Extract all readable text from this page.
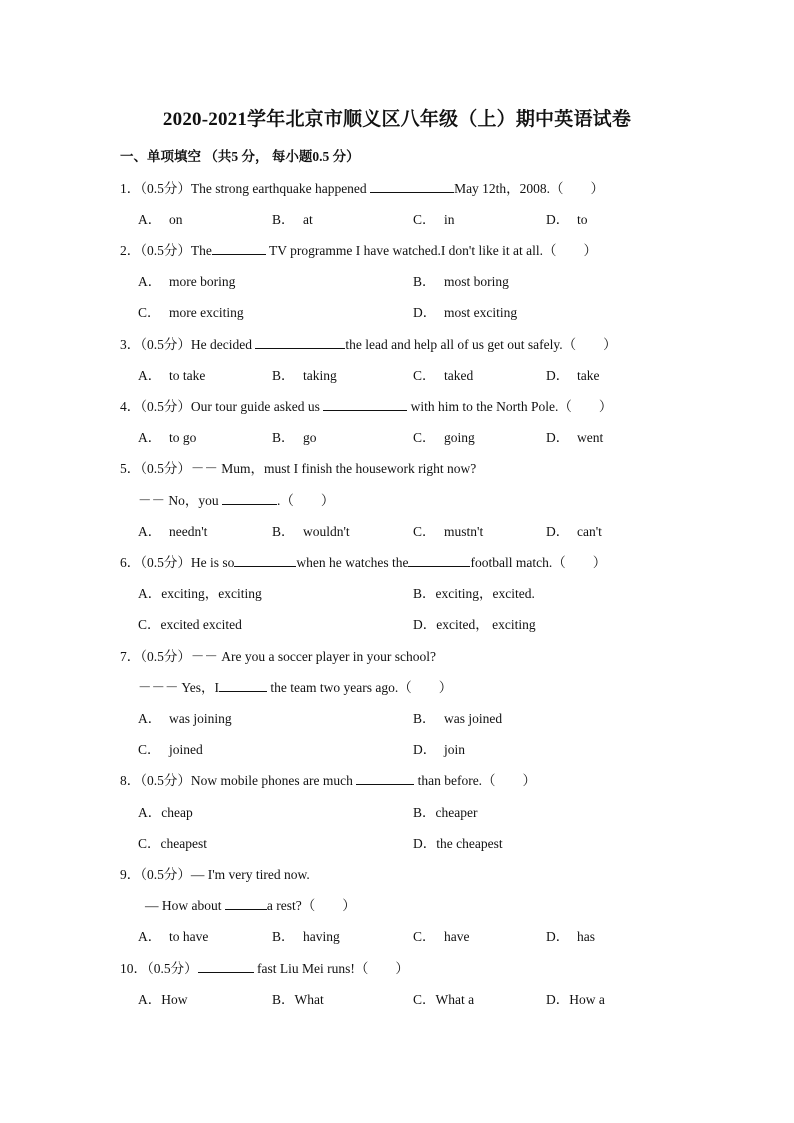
2020-2021学年北京市顺义区八年级（上）期中英语试卷
一、单项填空 （共5 分， 每小题0.5 分）
1．（0.5分）The strong earthquake happened	May 12th，2008.（　　）
A． on	B． at	C． in	D． to
2．（0.5分）The	TV programme I have watched.I don't like it at all.（　　）
A． more boring	B． most boring
C． more exciting	D． most exciting
3．（0.5分）He decided	the lead and help all of us get out safely.（　　）
A． to take	B． taking	C． taked	D． take
4．（0.5分）Our tour guide asked us	with him to the North Pole.（　　）
A． to go	B． go	C． going	D． went
5．（0.5分）－－ Mum，must I finish the housework right now?
－－ No，you	.（　　）
A． needn't	B． wouldn't	C． mustn't	D． can't
6．（0.5分）He is so	when he watches the	football match.（　　）
A．exciting，exciting	B．exciting，excited.
C．excited excited	D．excited， exciting
7．（0.5分）－－ Are you a soccer player in your school?
－－－ Yes，I	the team two years ago.（　　）
A． was joining	B． was joined
C． joined	D． join
8．（0.5分）Now mobile phones are much	than before.（　　）
A．cheap	B．cheaper
C．cheapest	D．the cheapest
9．（0.5分）— I'm very tired now.
— How about	a rest?（　　）
A． to have	B． having	C． have	D． has
10．（0.5分）	fast Liu Mei runs!（　　）
A．How	B．What	C．What a	D．How a
